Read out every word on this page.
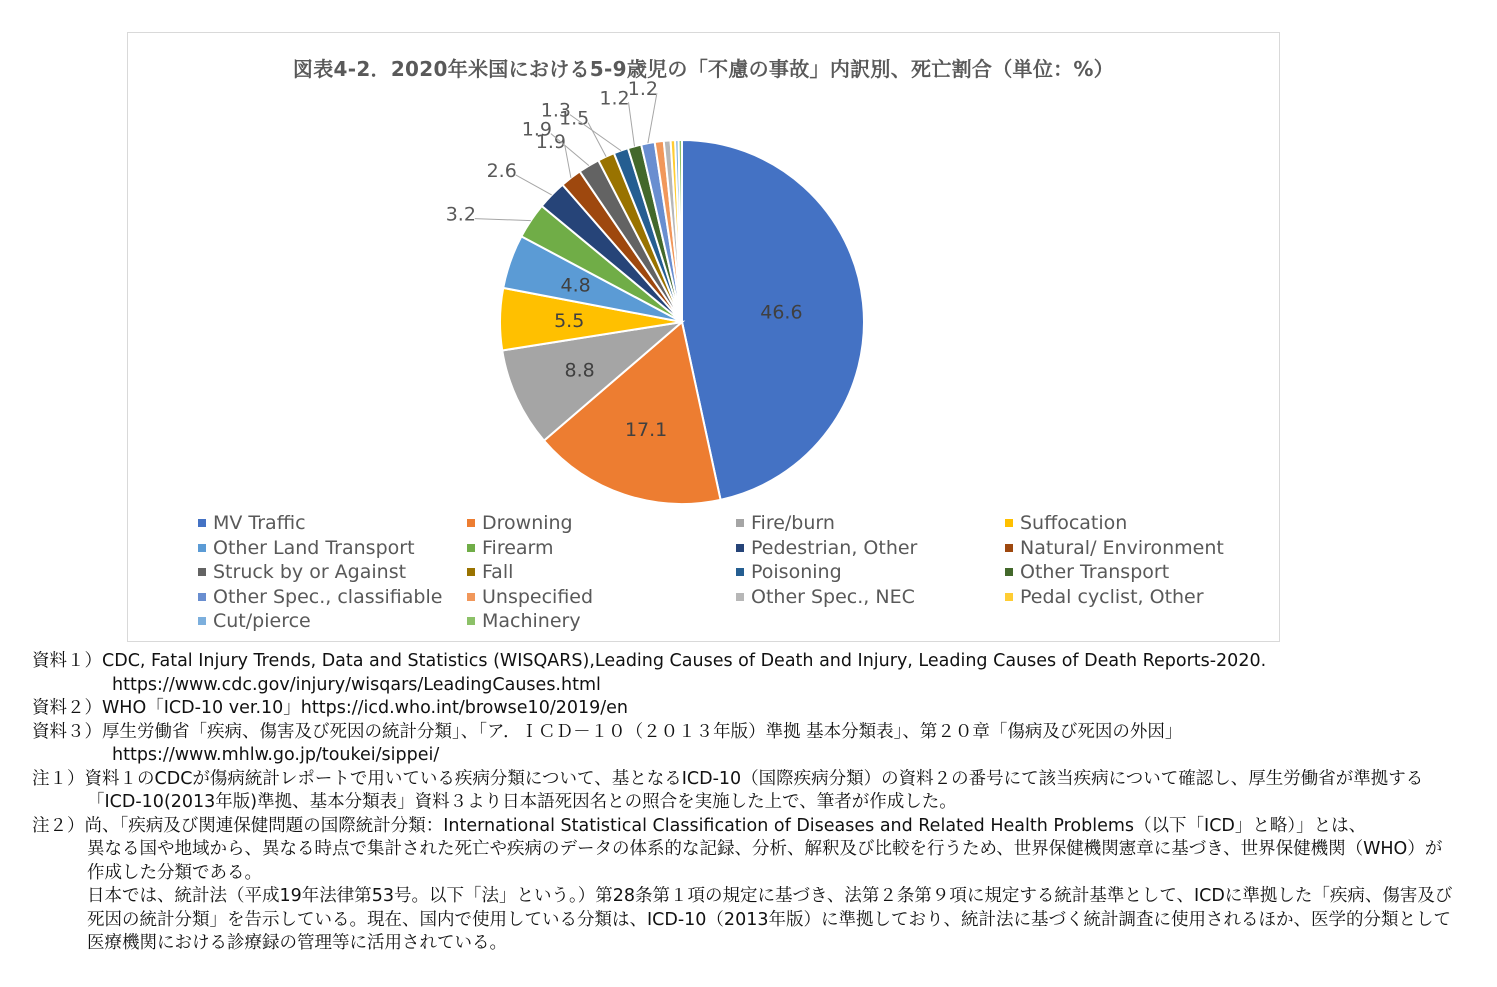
図表4-2．2020年米国における5-9歳児の「不慮の事故」内訳別、死亡割合（単位：%）
46.6
17.1
8.8
5.5
4.8
3.2
2.6
1.9
1.9 1.5
1.3
1.2
1.2
MV Traffic	Drowning	Fire/burn	Suffocation
Other Land Transport	Firearm	Pedestrian, Other	Natural/ Environment
Struck by or Against	Fall	Poisoning	Other Transport
Other Spec., classifiable Unspecified	Other Spec., NEC	Pedal cyclist, Other
Cut/pierce	Machinery
資料１）CDC, Fatal Injury Trends, Data and Statistics (WISQARS),Leading Causes of Death and Injury, Leading Causes of Death Reports-2020.
https://www.cdc.gov/injury/wisqars/LeadingCauses.html
資料２）WHO「ICD-10 ver.10」https://icd.who.int/browse10/2019/en
資料３）厚生労働省「疾病、傷害及び死因の統計分類」、「ア．ＩＣＤ－１０（２０１３年版）準拠 基本分類表」、第２０章「傷病及び死因の外因」
https://www.mhlw.go.jp/toukei/sippei/
注１）資料１のCDCが傷病統計レポートで用いている疾病分類について、基となるICD-10（国際疾病分類）の資料２の番号にて該当疾病について確認し、厚生労働省が準拠する
「ICD-10(2013年版)準拠、基本分類表」資料３より日本語死因名との照合を実施した上で、筆者が作成した。
注２）尚、「疾病及び関連保健問題の国際統計分類：International Statistical Classification of Diseases and Related Health Problems（以下「ICD」と略）」とは、
異なる国や地域から、異なる時点で集計された死亡や疾病のデータの体系的な記録、分析、解釈及び比較を行うため、世界保健機関憲章に基づき、世界保健機関（WHO）が
作成した分類である。
日本では、統計法（平成19年法律第53号。以下「法」という。）第28条第１項の規定に基づき、法第２条第９項に規定する統計基準として、ICDに準拠した「疾病、傷害及び
死因の統計分類」を告示している。現在、国内で使用している分類は、ICD-10（2013年版）に準拠しており、統計法に基づく統計調査に使用されるほか、医学的分類として
医療機関における診療録の管理等に活用されている。
